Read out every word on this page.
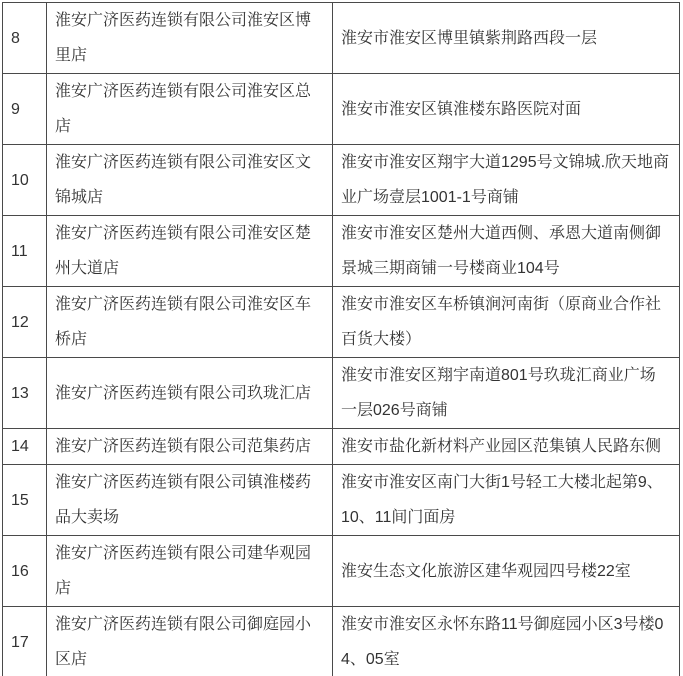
8	淮安广济医药连锁有限公司淮安区博里店	淮安市淮安区博里镇紫荆路西段一层
9	淮安广济医药连锁有限公司淮安区总店	淮安市淮安区镇淮楼东路医院对面
10	淮安广济医药连锁有限公司淮安区文锦城店	淮安市淮安区翔宇大道1295号文锦城.欣天地商业广场壹层1001-1号商铺
11	淮安广济医药连锁有限公司淮安区楚州大道店	淮安市淮安区楚州大道西侧、承恩大道南侧御景城三期商铺一号楼商业104号
12	淮安广济医药连锁有限公司淮安区车桥店	淮安市淮安区车桥镇涧河南街（原商业合作社百货大楼）
13	淮安广济医药连锁有限公司玖珑汇店	淮安市淮安区翔宇南道801号玖珑汇商业广场一层026号商铺
14	淮安广济医药连锁有限公司范集药店	淮安市盐化新材料产业园区范集镇人民路东侧
15	淮安广济医药连锁有限公司镇淮楼药品大卖场	淮安市淮安区南门大街1号轻工大楼北起第9、10、11间门面房
16	淮安广济医药连锁有限公司建华观园店	淮安生态文化旅游区建华观园四号楼22室
17	淮安广济医药连锁有限公司御庭园小区店	淮安市淮安区永怀东路11号御庭园小区3号楼04、05室
